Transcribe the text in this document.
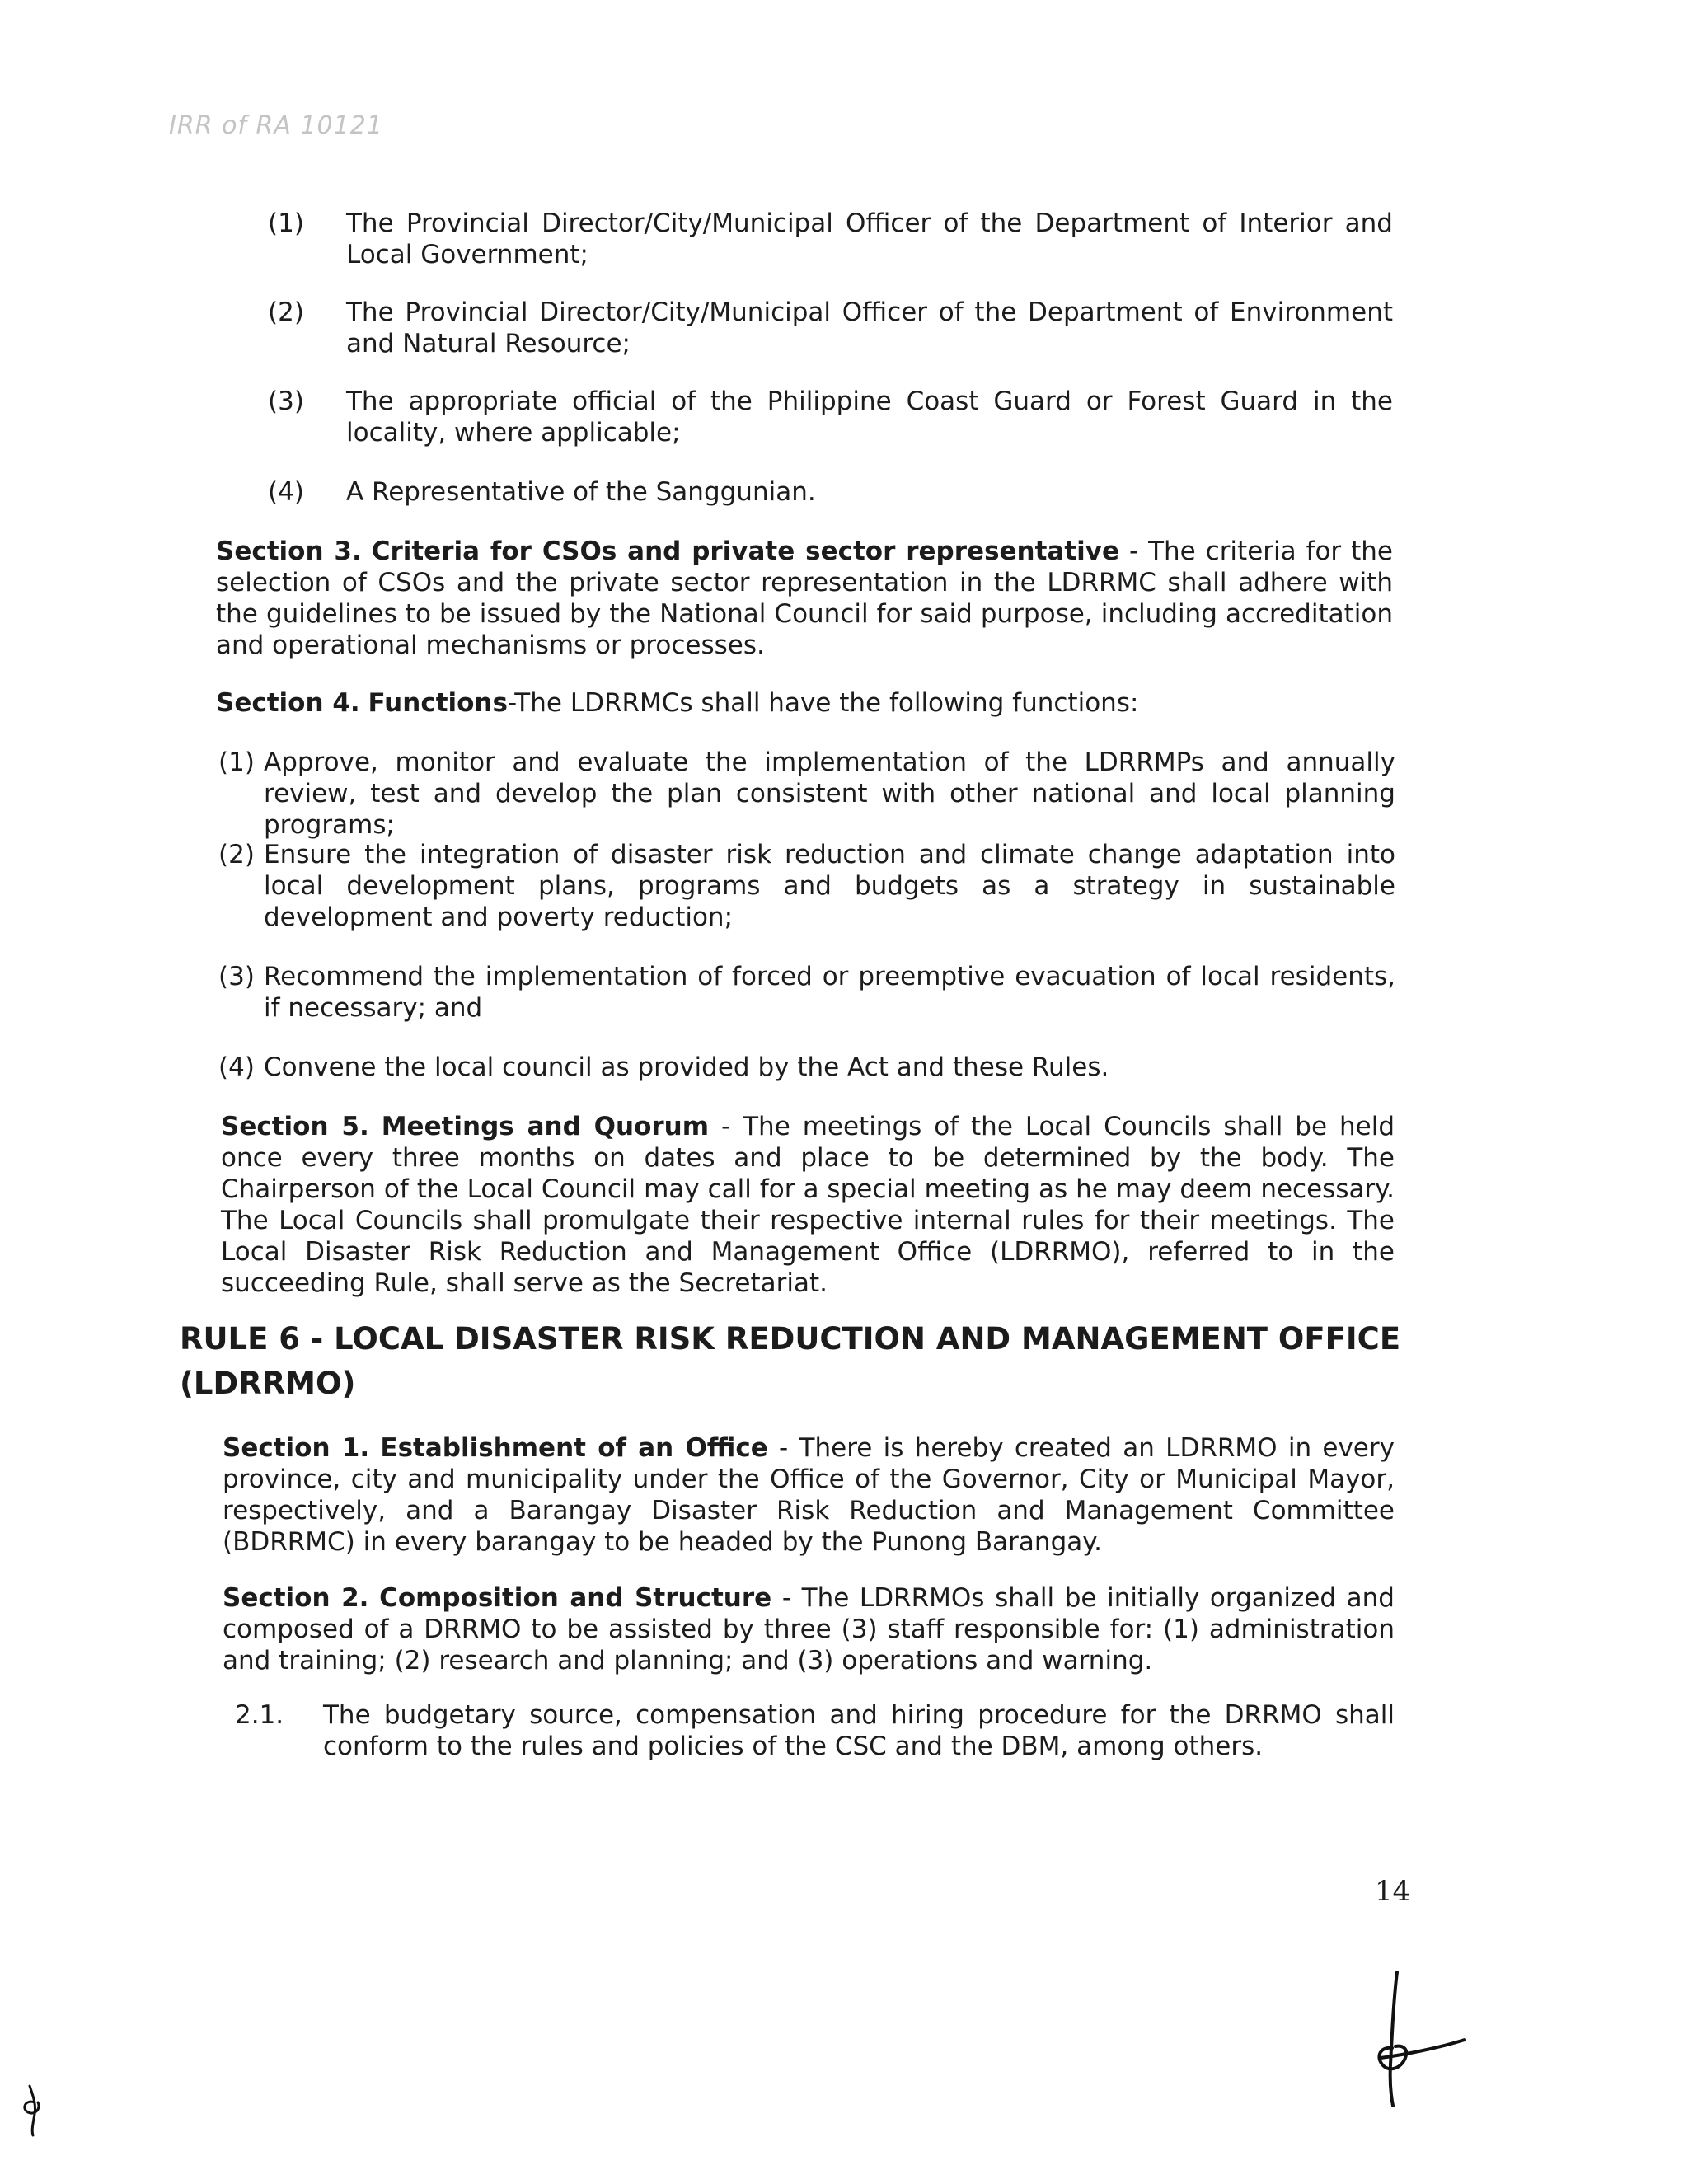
IRR of RA 10121
(1) The Provincial Director/City/Municipal Officer of the Department of Interior and Local Government;

(2) The Provincial Director/City/Municipal Officer of the Department of Environment and Natural Resource;

(3) The appropriate official of the Philippine Coast Guard or Forest Guard in the locality, where applicable;

(4) A Representative of the Sanggunian.

Section 3. Criteria for CSOs and private sector representative - The criteria for the selection of CSOs and the private sector representation in the LDRRMC shall adhere with the guidelines to be issued by the National Council for said purpose, including accreditation and operational mechanisms or processes.

Section 4. Functions-The LDRRMCs shall have the following functions:

(1) Approve, monitor and evaluate the implementation of the LDRRMPs and annually review, test and develop the plan consistent with other national and local planning programs;

(2) Ensure the integration of disaster risk reduction and climate change adaptation into local development plans, programs and budgets as a strategy in sustainable development and poverty reduction;

(3) Recommend the implementation of forced or preemptive evacuation of local residents, if necessary; and

(4) Convene the local council as provided by the Act and these Rules.

Section 5. Meetings and Quorum - The meetings of the Local Councils shall be held once every three months on dates and place to be determined by the body. The Chairperson of the Local Council may call for a special meeting as he may deem necessary. The Local Councils shall promulgate their respective internal rules for their meetings. The Local Disaster Risk Reduction and Management Office (LDRRMO), referred to in the succeeding Rule, shall serve as the Secretariat.

RULE 6 - LOCAL DISASTER RISK REDUCTION AND MANAGEMENT OFFICE (LDRRMO)

Section 1. Establishment of an Office - There is hereby created an LDRRMO in every province, city and municipality under the Office of the Governor, City or Municipal Mayor, respectively, and a Barangay Disaster Risk Reduction and Management Committee (BDRRMC) in every barangay to be headed by the Punong Barangay.

Section 2. Composition and Structure - The LDRRMOs shall be initially organized and composed of a DRRMO to be assisted by three (3) staff responsible for: (1) administration and training; (2) research and planning; and (3) operations and warning.

2.1. The budgetary source, compensation and hiring procedure for the DRRMO shall conform to the rules and policies of the CSC and the DBM, among others.

14
